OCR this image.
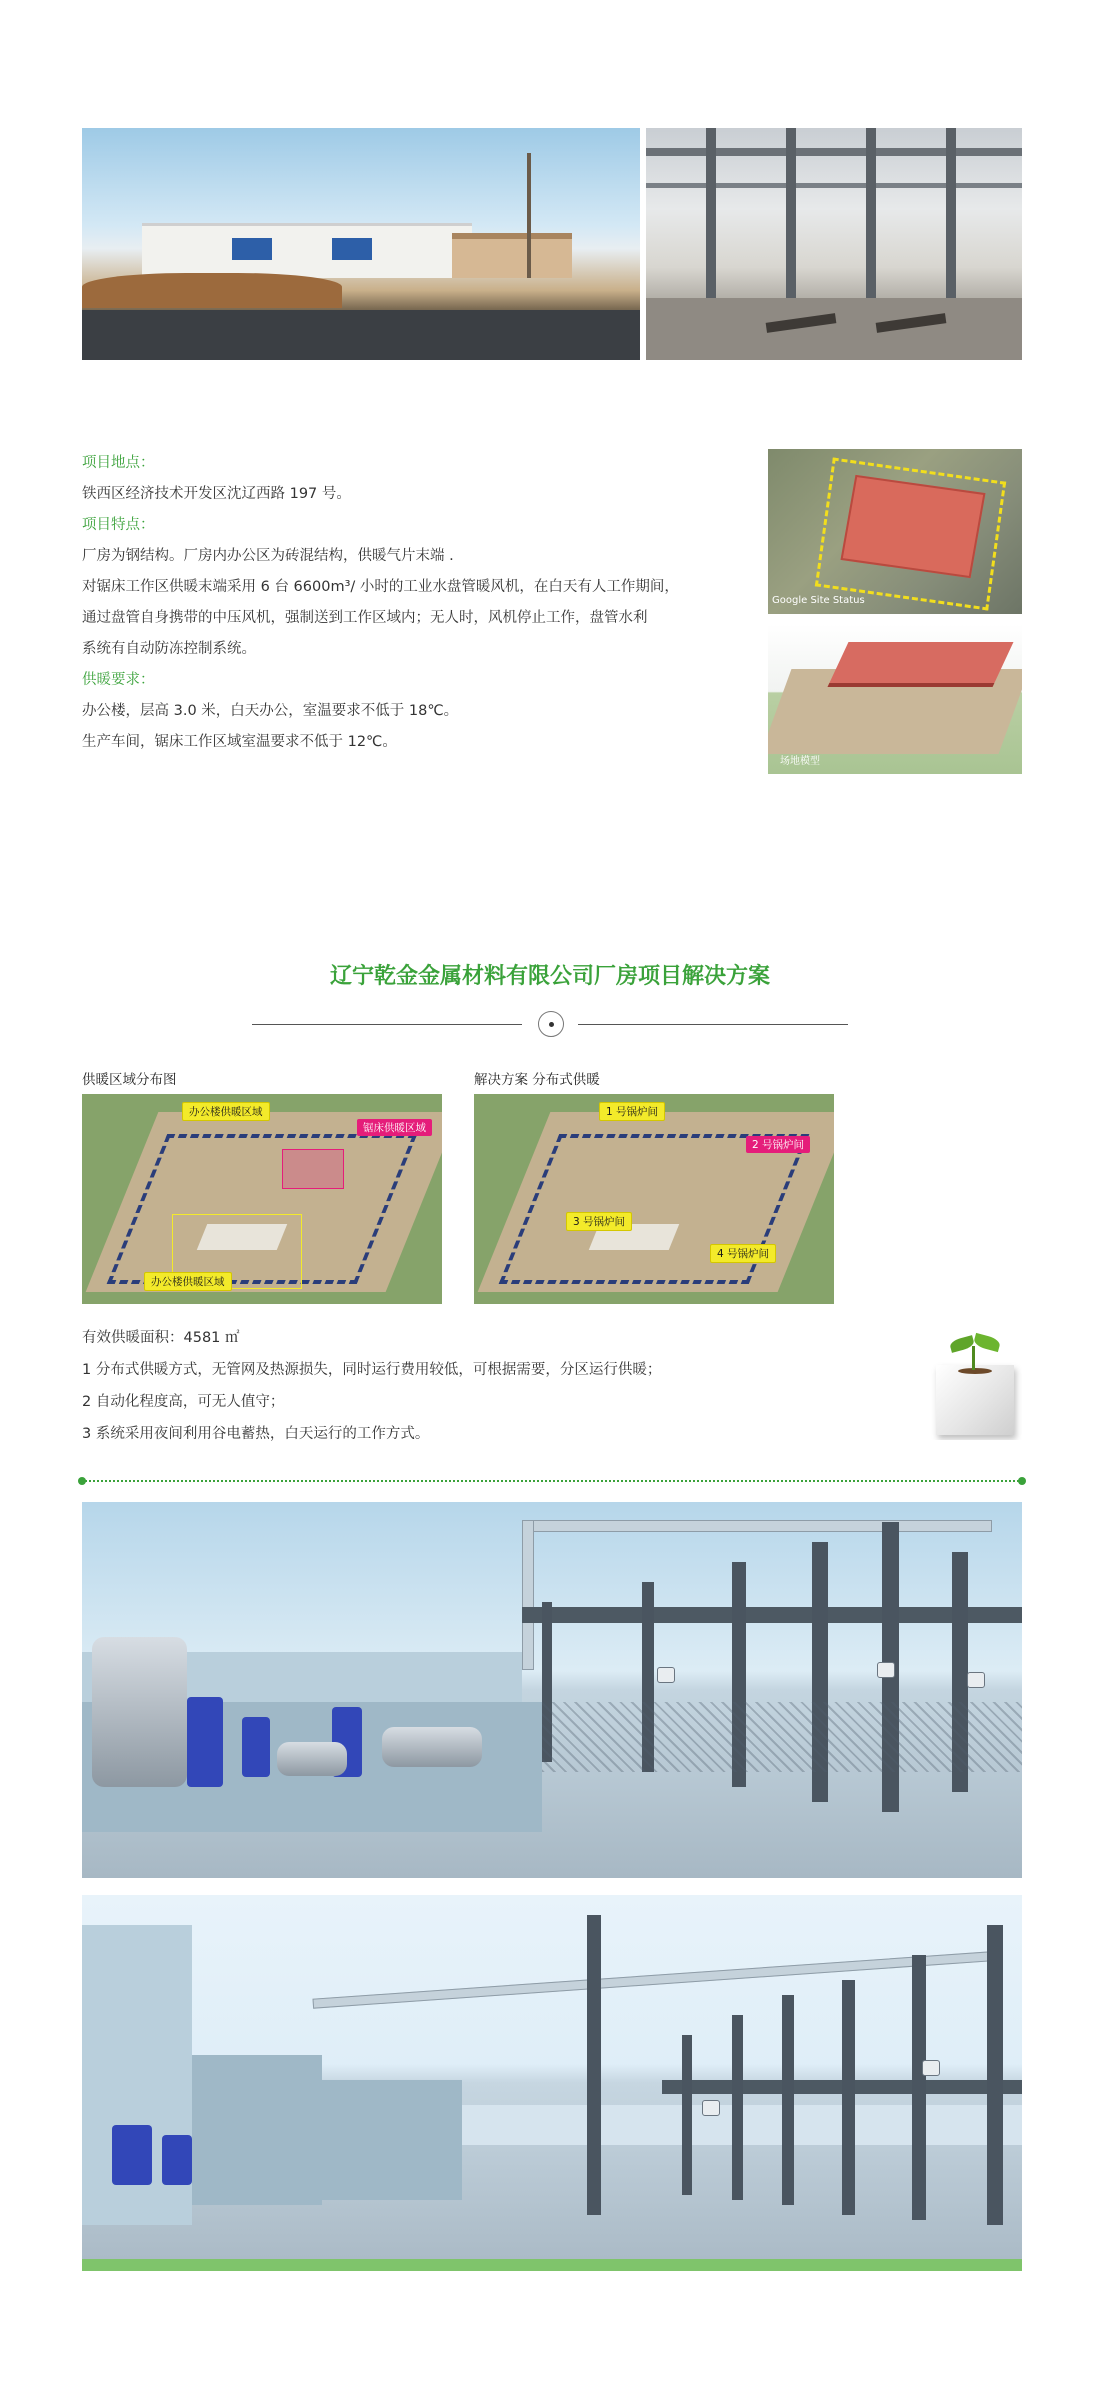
项目地点：

铁西区经济技术开发区沈辽西路 197 号。

项目特点：

厂房为钢结构。厂房内办公区为砖混结构，供暖气片末端 .

对锯床工作区供暖末端采用 6 台 6600m³/ 小时的工业水盘管暖风机，在白天有人工作期间，

通过盘管自身携带的中压风机，强制送到工作区域内；无人时，风机停止工作，盘管水利

系统有自动防冻控制系统。

供暖要求：

办公楼，层高 3.0 米，白天办公，室温要求不低于 18℃。

生产车间，锯床工作区域室温要求不低于 12℃。

Google Site Status
场地模型
辽宁乾金金属材料有限公司厂房项目解决方案
供暖区域分布图	解决方案 分布式供暖
办公楼供暖区域
锯床供暖区域
办公楼供暖区域
1 号锅炉间
2 号锅炉间
3 号锅炉间
4 号锅炉间

有效供暖面积：4581 ㎡

1 分布式供暖方式，无管网及热源损失，同时运行费用较低，可根据需要，分区运行供暖；

2 自动化程度高，可无人值守；

3 系统采用夜间利用谷电蓄热，白天运行的工作方式。
